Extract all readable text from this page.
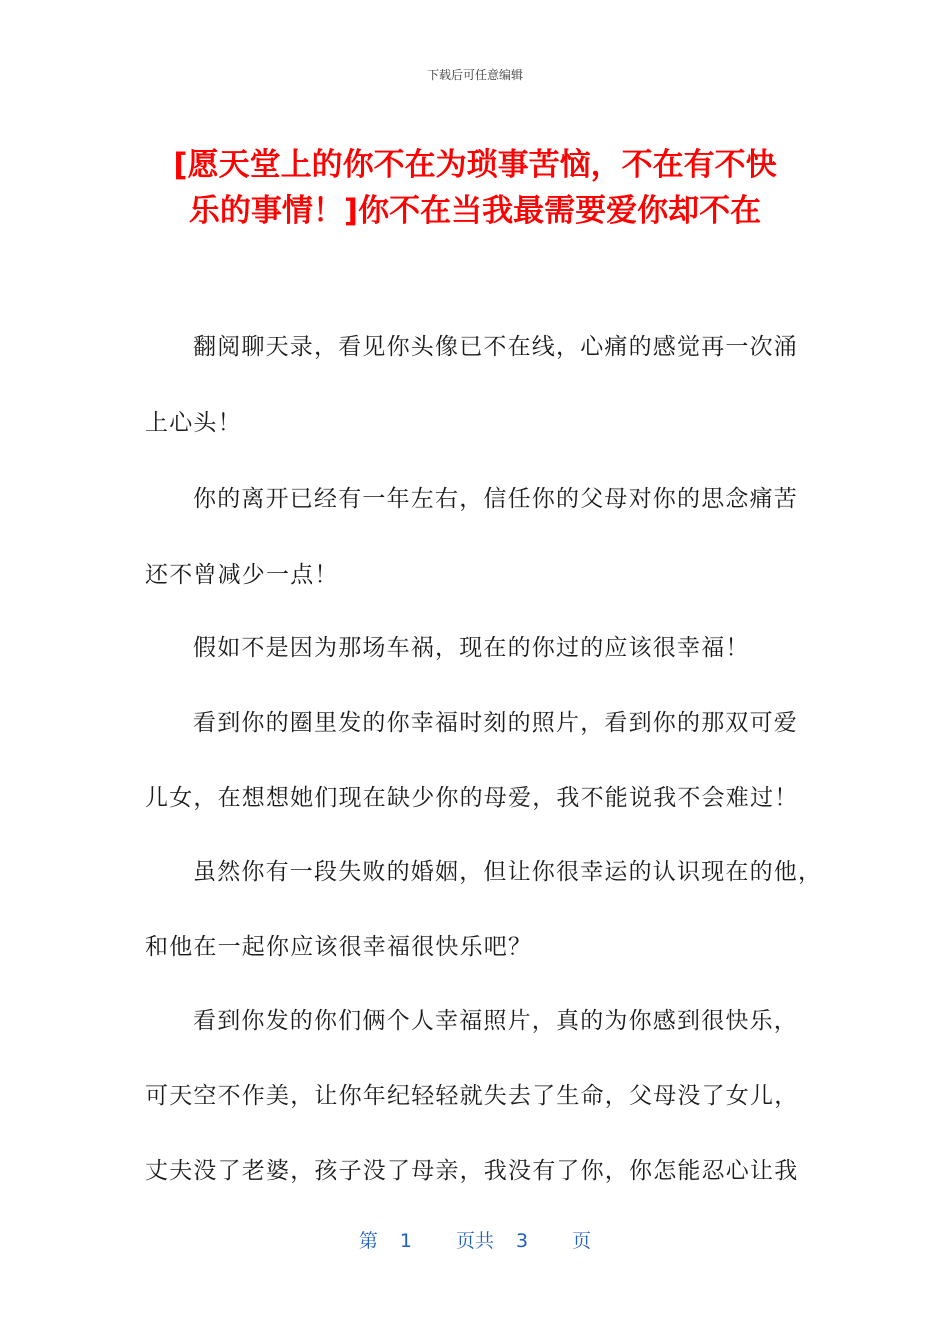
下载后可任意编辑
[愿天堂上的你不在为琐事苦恼，不在有不快
乐的事情！]你不在当我最需要爱你却不在
翻阅聊天录，看见你头像已不在线，心痛的感觉再一次涌
上心头！
你的离开已经有一年左右，信任你的父母对你的思念痛苦
还不曾减少一点！
假如不是因为那场车祸，现在的你过的应该很幸福！
看到你的圈里发的你幸福时刻的照片，看到你的那双可爱
儿女，在想想她们现在缺少你的母爱，我不能说我不会难过！
虽然你有一段失败的婚姻，但让你很幸运的认识现在的他，
和他在一起你应该很幸福很快乐吧？
看到你发的你们俩个人幸福照片，真的为你感到很快乐，
可天空不作美，让你年纪轻轻就失去了生命，父母没了女儿，
丈夫没了老婆，孩子没了母亲，我没有了你，你怎能忍心让我
第 1 页共 3 页
